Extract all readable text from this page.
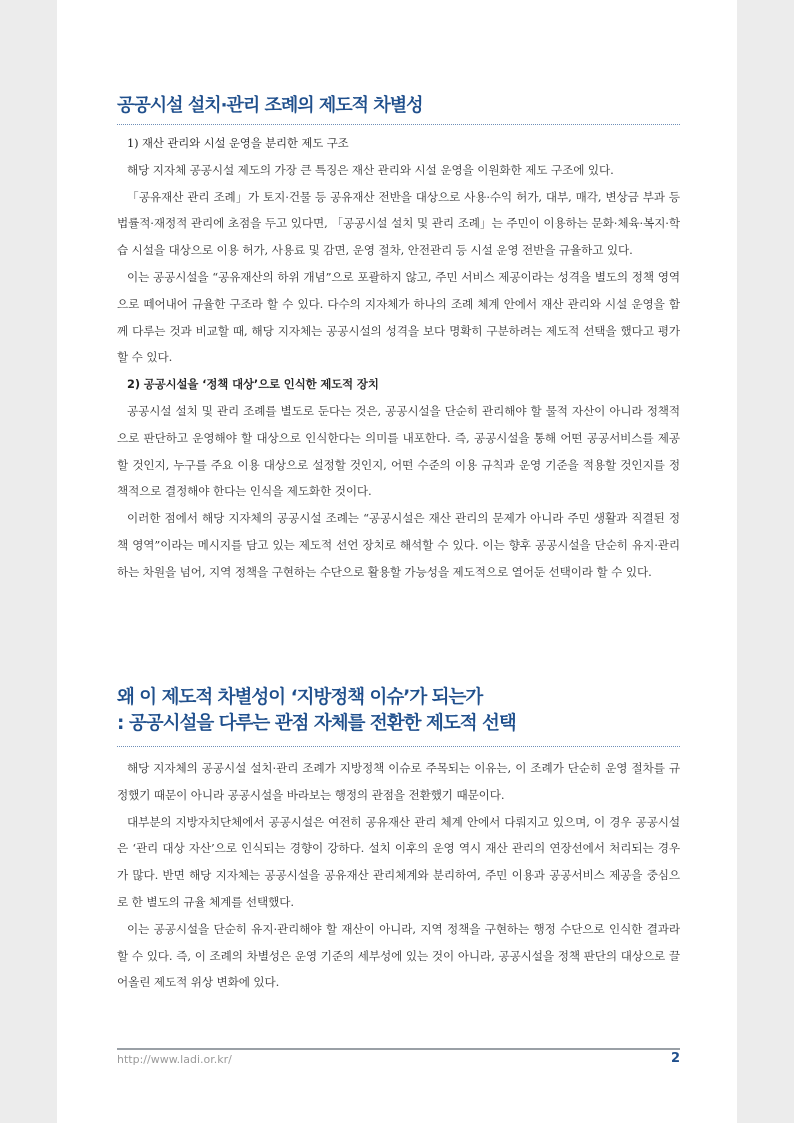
공공시설 설치·관리 조례의 제도적 차별성

1) 재산 관리와 시설 운영을 분리한 제도 구조

해당 지자체 공공시설 제도의 가장 큰 특징은 재산 관리와 시설 운영을 이원화한 제도 구조에 있다.

「공유재산 관리 조례」가 토지·건물 등 공유재산 전반을 대상으로 사용·수익 허가, 대부, 매각, 변상금 부과 등 법률적·재정적 관리에 초점을 두고 있다면, 「공공시설 설치 및 관리 조례」는 주민이 이용하는 문화·체육·복지·학습 시설을 대상으로 이용 허가, 사용료 및 감면, 운영 절차, 안전관리 등 시설 운영 전반을 규율하고 있다.

이는 공공시설을 “공유재산의 하위 개념”으로 포괄하지 않고, 주민 서비스 제공이라는 성격을 별도의 정책 영역으로 떼어내어 규율한 구조라 할 수 있다. 다수의 지자체가 하나의 조례 체계 안에서 재산 관리와 시설 운영을 함께 다루는 것과 비교할 때, 해당 지자체는 공공시설의 성격을 보다 명확히 구분하려는 제도적 선택을 했다고 평가할 수 있다.

2) 공공시설을 ‘정책 대상’으로 인식한 제도적 장치

공공시설 설치 및 관리 조례를 별도로 둔다는 것은, 공공시설을 단순히 관리해야 할 물적 자산이 아니라 정책적으로 판단하고 운영해야 할 대상으로 인식한다는 의미를 내포한다. 즉, 공공시설을 통해 어떤 공공서비스를 제공할 것인지, 누구를 주요 이용 대상으로 설정할 것인지, 어떤 수준의 이용 규칙과 운영 기준을 적용할 것인지를 정책적으로 결정해야 한다는 인식을 제도화한 것이다.

이러한 점에서 해당 지자체의 공공시설 조례는 “공공시설은 재산 관리의 문제가 아니라 주민 생활과 직결된 정책 영역”이라는 메시지를 담고 있는 제도적 선언 장치로 해석할 수 있다. 이는 향후 공공시설을 단순히 유지·관리하는 차원을 넘어, 지역 정책을 구현하는 수단으로 활용할 가능성을 제도적으로 열어둔 선택이라 할 수 있다.

왜 이 제도적 차별성이 ‘지방정책 이슈’가 되는가
: 공공시설을 다루는 관점 자체를 전환한 제도적 선택

해당 지자체의 공공시설 설치·관리 조례가 지방정책 이슈로 주목되는 이유는, 이 조례가 단순히 운영 절차를 규정했기 때문이 아니라 공공시설을 바라보는 행정의 관점을 전환했기 때문이다.

대부분의 지방자치단체에서 공공시설은 여전히 공유재산 관리 체계 안에서 다뤄지고 있으며, 이 경우 공공시설은 ‘관리 대상 자산’으로 인식되는 경향이 강하다. 설치 이후의 운영 역시 재산 관리의 연장선에서 처리되는 경우가 많다. 반면 해당 지자체는 공공시설을 공유재산 관리체계와 분리하여, 주민 이용과 공공서비스 제공을 중심으로 한 별도의 규율 체계를 선택했다.

이는 공공시설을 단순히 유지·관리해야 할 재산이 아니라, 지역 정책을 구현하는 행정 수단으로 인식한 결과라 할 수 있다. 즉, 이 조례의 차별성은 운영 기준의 세부성에 있는 것이 아니라, 공공시설을 정책 판단의 대상으로 끌어올린 제도적 위상 변화에 있다.

http://www.ladi.or.kr/	2
